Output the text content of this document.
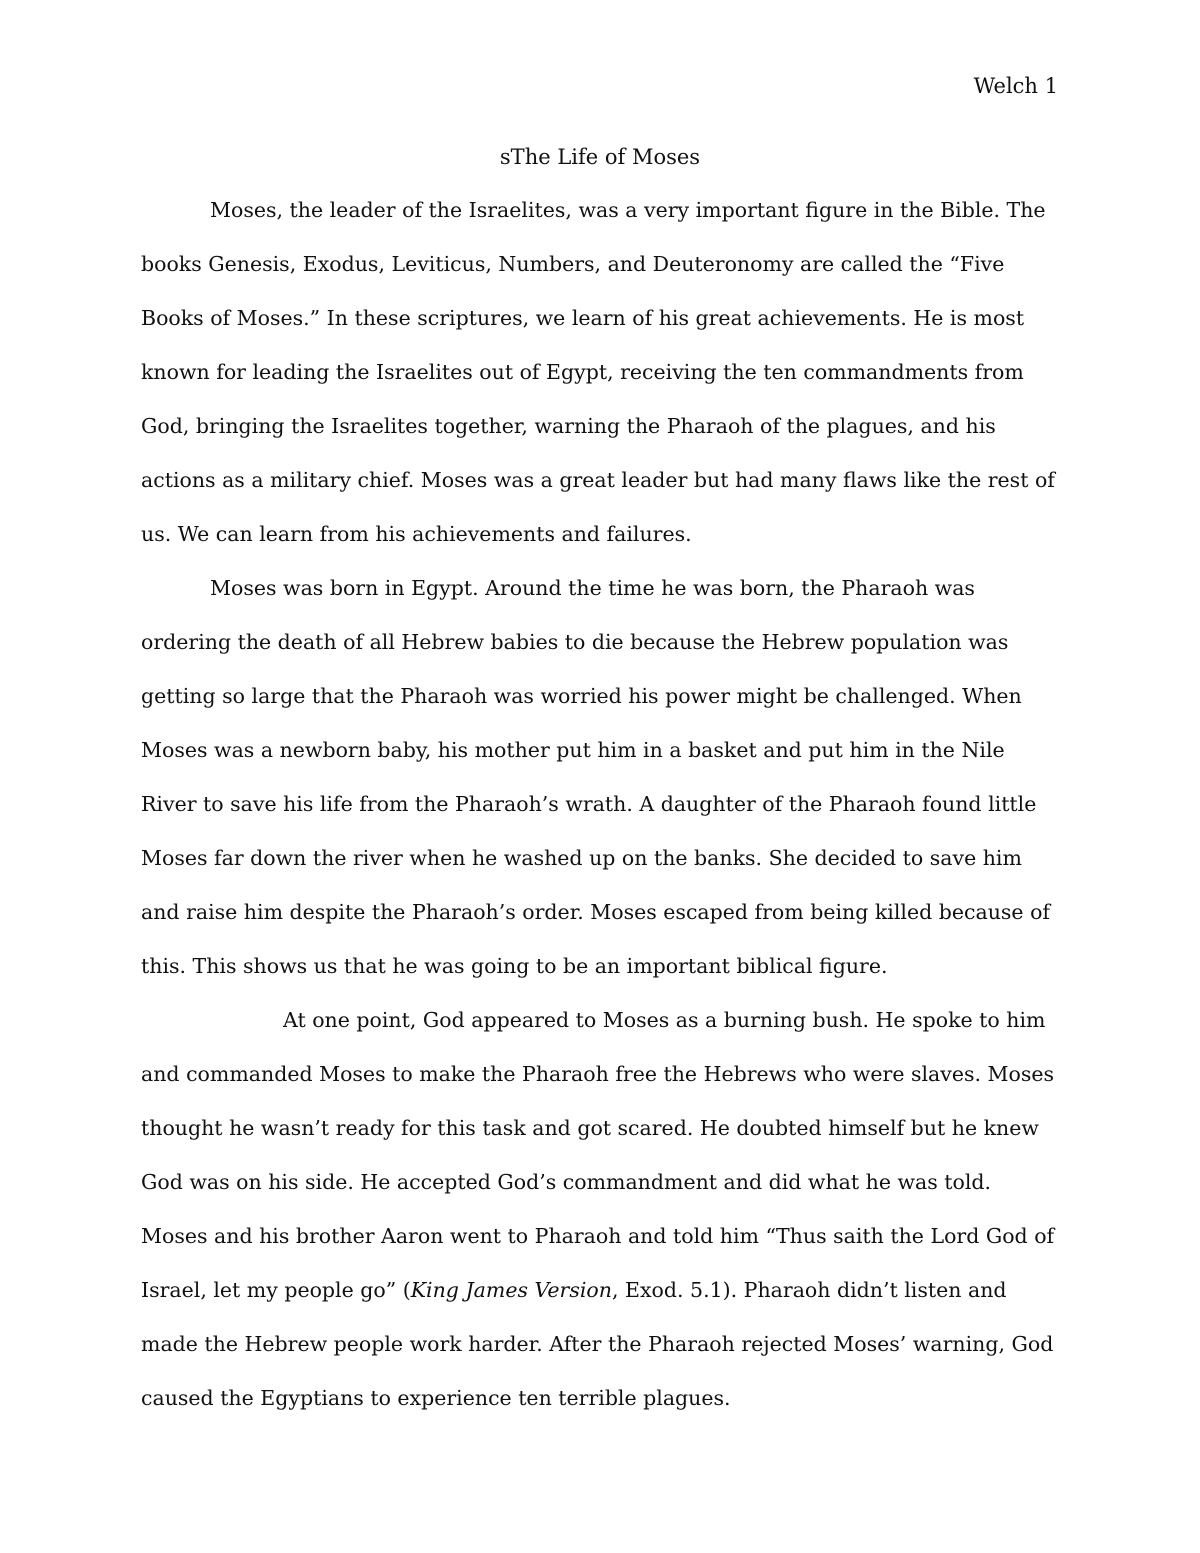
Welch 1
sThe Life of Moses

Moses, the leader of the Israelites, was a very important figure in the Bible. The books Genesis, Exodus, Leviticus, Numbers, and Deuteronomy are called the “Five Books of Moses.” In these scriptures, we learn of his great achievements. He is most known for leading the Israelites out of Egypt, receiving the ten commandments from God, bringing the Israelites together, warning the Pharaoh of the plagues, and his actions as a military chief. Moses was a great leader but had many flaws like the rest of us. We can learn from his achievements and failures.

Moses was born in Egypt. Around the time he was born, the Pharaoh was ordering the death of all Hebrew babies to die because the Hebrew population was getting so large that the Pharaoh was worried his power might be challenged. When Moses was a newborn baby, his mother put him in a basket and put him in the Nile River to save his life from the Pharaoh’s wrath. A daughter of the Pharaoh found little Moses far down the river when he washed up on the banks. She decided to save him and raise him despite the Pharaoh’s order. Moses escaped from being killed because of this. This shows us that he was going to be an important biblical figure.

At one point, God appeared to Moses as a burning bush. He spoke to him and commanded Moses to make the Pharaoh free the Hebrews who were slaves. Moses thought he wasn’t ready for this task and got scared. He doubted himself but he knew God was on his side. He accepted God’s commandment and did what he was told. Moses and his brother Aaron went to Pharaoh and told him “Thus saith the Lord God of Israel, let my people go” (King James Version, Exod. 5.1). Pharaoh didn’t listen and made the Hebrew people work harder. After the Pharaoh rejected Moses’ warning, God caused the Egyptians to experience ten terrible plagues.
